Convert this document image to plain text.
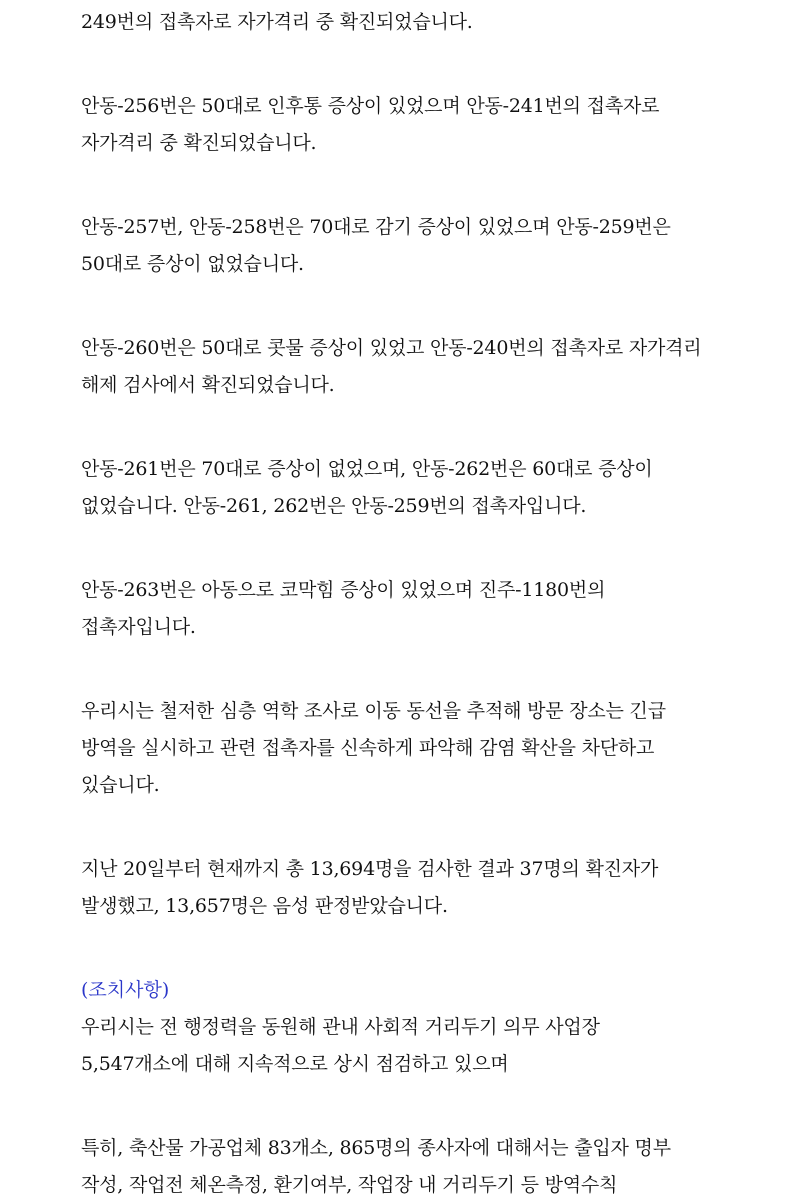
249번의 접촉자로 자가격리 중 확진되었습니다.
안동-256번은 50대로 인후통 증상이 있었으며 안동-241번의 접촉자로
자가격리 중 확진되었습니다.
안동-257번, 안동-258번은 70대로 감기 증상이 있었으며 안동-259번은
50대로 증상이 없었습니다.
안동-260번은 50대로 콧물 증상이 있었고 안동-240번의 접촉자로 자가격리
해제 검사에서 확진되었습니다.
안동-261번은 70대로 증상이 없었으며, 안동-262번은 60대로 증상이
없었습니다. 안동-261, 262번은 안동-259번의 접촉자입니다.
안동-263번은 아동으로 코막힘 증상이 있었으며 진주-1180번의
접촉자입니다.
우리시는 철저한 심층 역학 조사로 이동 동선을 추적해 방문 장소는 긴급
방역을 실시하고 관련 접촉자를 신속하게 파악해 감염 확산을 차단하고
있습니다.
지난 20일부터 현재까지 총 13,694명을 검사한 결과 37명의 확진자가
발생했고, 13,657명은 음성 판정받았습니다.
(조치사항)
우리시는 전 행정력을 동원해 관내 사회적 거리두기 의무 사업장
5,547개소에 대해 지속적으로 상시 점검하고 있으며
특히, 축산물 가공업체 83개소, 865명의 종사자에 대해서는 출입자 명부
작성, 작업전 체온측정, 환기여부, 작업장 내 거리두기 등 방역수칙
